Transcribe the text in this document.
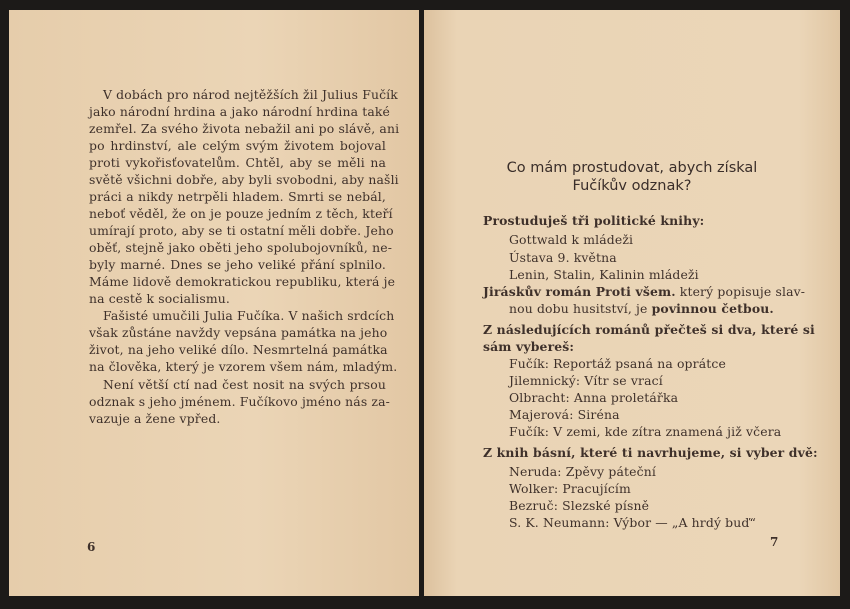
V dobách pro národ nejtěžších žil Julius Fučík
jako národní hrdina a jako národní hrdina také
zemřel. Za svého života nebažil ani po slávě, ani
po hrdinství, ale celým svým životem bojoval
proti vykořisťovatelům. Chtěl, aby se měli na
světě všichni dobře, aby byli svobodni, aby našli
práci a nikdy netrpěli hladem. Smrti se nebál,
neboť věděl, že on je pouze jedním z těch, kteří
umírají proto, aby se ti ostatní měli dobře. Jeho
oběť, stejně jako oběti jeho spolubojovníků, ne-
byly marné. Dnes se jeho veliké přání splnilo.
Máme lidově demokratickou republiku, která je
na cestě k socialismu.
Fašisté umučili Julia Fučíka. V našich srdcích
však zůstáne navždy vepsána památka na jeho
život, na jeho veliké dílo. Nesmrtelná památka
na člověka, který je vzorem všem nám, mladým.
Není větší ctí nad čest nosit na svých prsou
odznak s jeho jménem. Fučíkovo jméno nás za-
vazuje a žene vpřed.
6
Co mám prostudovat, abych získal
Fučíkův odznak?
Prostuduješ tři politické knihy:
Gottwald k mládeži
Ústava 9. května
Lenin, Stalin, Kalinin mládeži
Jiráskův román Proti všem. který popisuje slav-
nou dobu husitství, je povinnou četbou.
Z následujících románů přečteš si dva, které si
sám vybereš:
Fučík: Reportáž psaná na oprátce
Jilemnický: Vítr se vrací
Olbracht: Anna proletářka
Majerová: Siréna
Fučík: V zemi, kde zítra znamená již včera
Z knih básní, které ti navrhujeme, si vyber dvě:
Neruda: Zpěvy páteční
Wolker: Pracujícím
Bezruč: Slezské písně
S. K. Neumann: Výbor — „A hrdý buď“
7
